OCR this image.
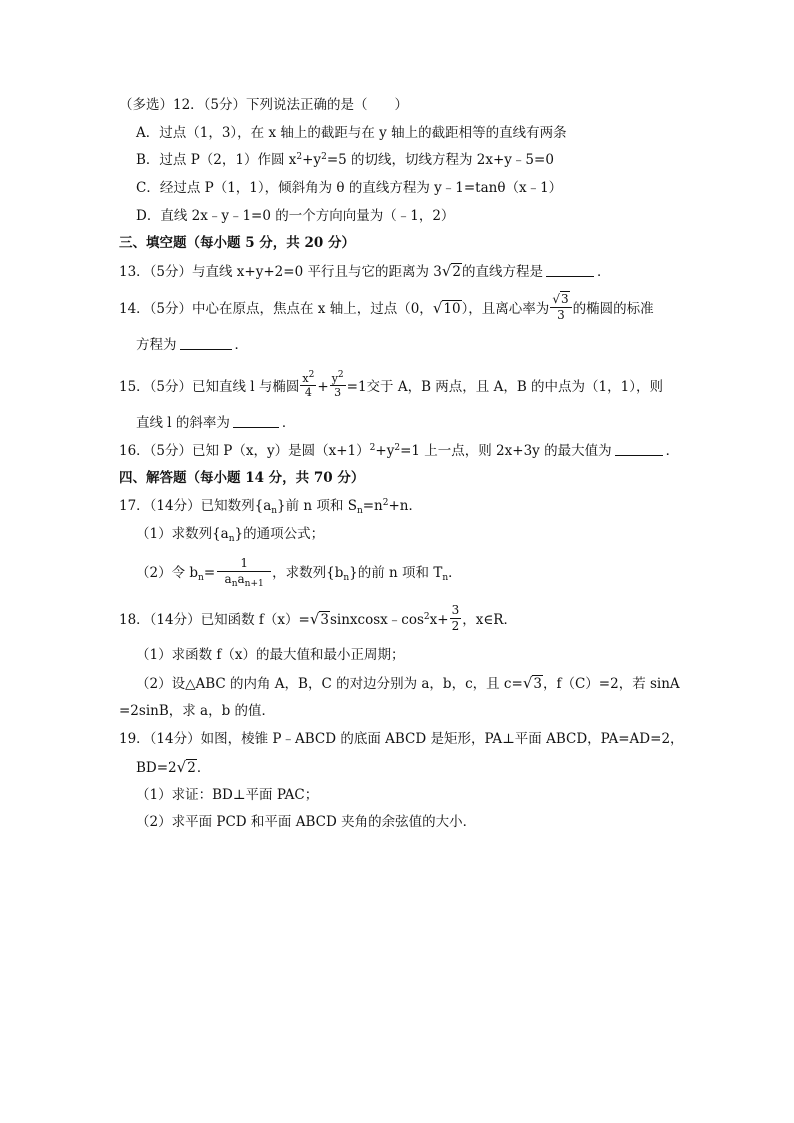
（多选）12．（5分）下列说法正确的是（　　）
A．过点（1，3），在 x 轴上的截距与在 y 轴上的截距相等的直线有两条
B．过点 P（2，1）作圆 $x^2+y^2=5$ 的切线，切线方程为 2x+y﹣5=0
C．经过点 P（1，1），倾斜角为 θ 的直线方程为 y﹣1=tanθ（x﹣1）
D．直线 2x﹣y﹣1=0 的一个方向向量为（﹣1，2）
三、填空题（每小题 5 分，共 20 分）
13．（5分）与直线 x+y+2=0 平行且与它的距离为 3√2的直线方程是	．
14．（5分）中心在原点，焦点在 x 轴上，过点（0，√10），且离心率为 $\frac{√3}{3}$ 的椭圆的标准
方程为	．
15．（5分）已知直线 l 与椭圆 $\frac{x^2}{4} + \frac{y^2}{3} =1$交于 A，B 两点，且 A，B 的中点为（1，1），则
直线 l 的斜率为	．
16．（5分）已知 P（x，y）是圆$(x+1)^2+y^2=1$ 上一点，则 2x+3y 的最大值为	．
四、解答题（每小题 14 分，共 70 分）
17．（14分）已知数列$\{a_n\}$前 n 项和 $S_n=n^2+n$．
（1）求数列$\{a_n\}$的通项公式；
（2）令 $b_n= \frac{1}{a_na_{n+1}}$ ，求数列$\{b_n\}$的前 n 项和 $T_n$．
18．（14分）已知函数 $f(x)=√3sinxcosx﹣\cos^2x+ \frac{3}{2}$ ，x∈R．
（1）求函数 f（x）的最大值和最小正周期；
（2）设△ABC 的内角 A，B，C 的对边分别为 a，b，c，且 c=√3，f（C）=2，若 sinA
=2sinB，求 a，b 的值．
19．（14分）如图，棱锥 P﹣ABCD 的底面 ABCD 是矩形，PA⊥平面 ABCD，PA=AD=2，
BD=2√2．
（1）求证：BD⊥平面 PAC；
（2）求平面 PCD 和平面 ABCD 夹角的余弦值的大小．
